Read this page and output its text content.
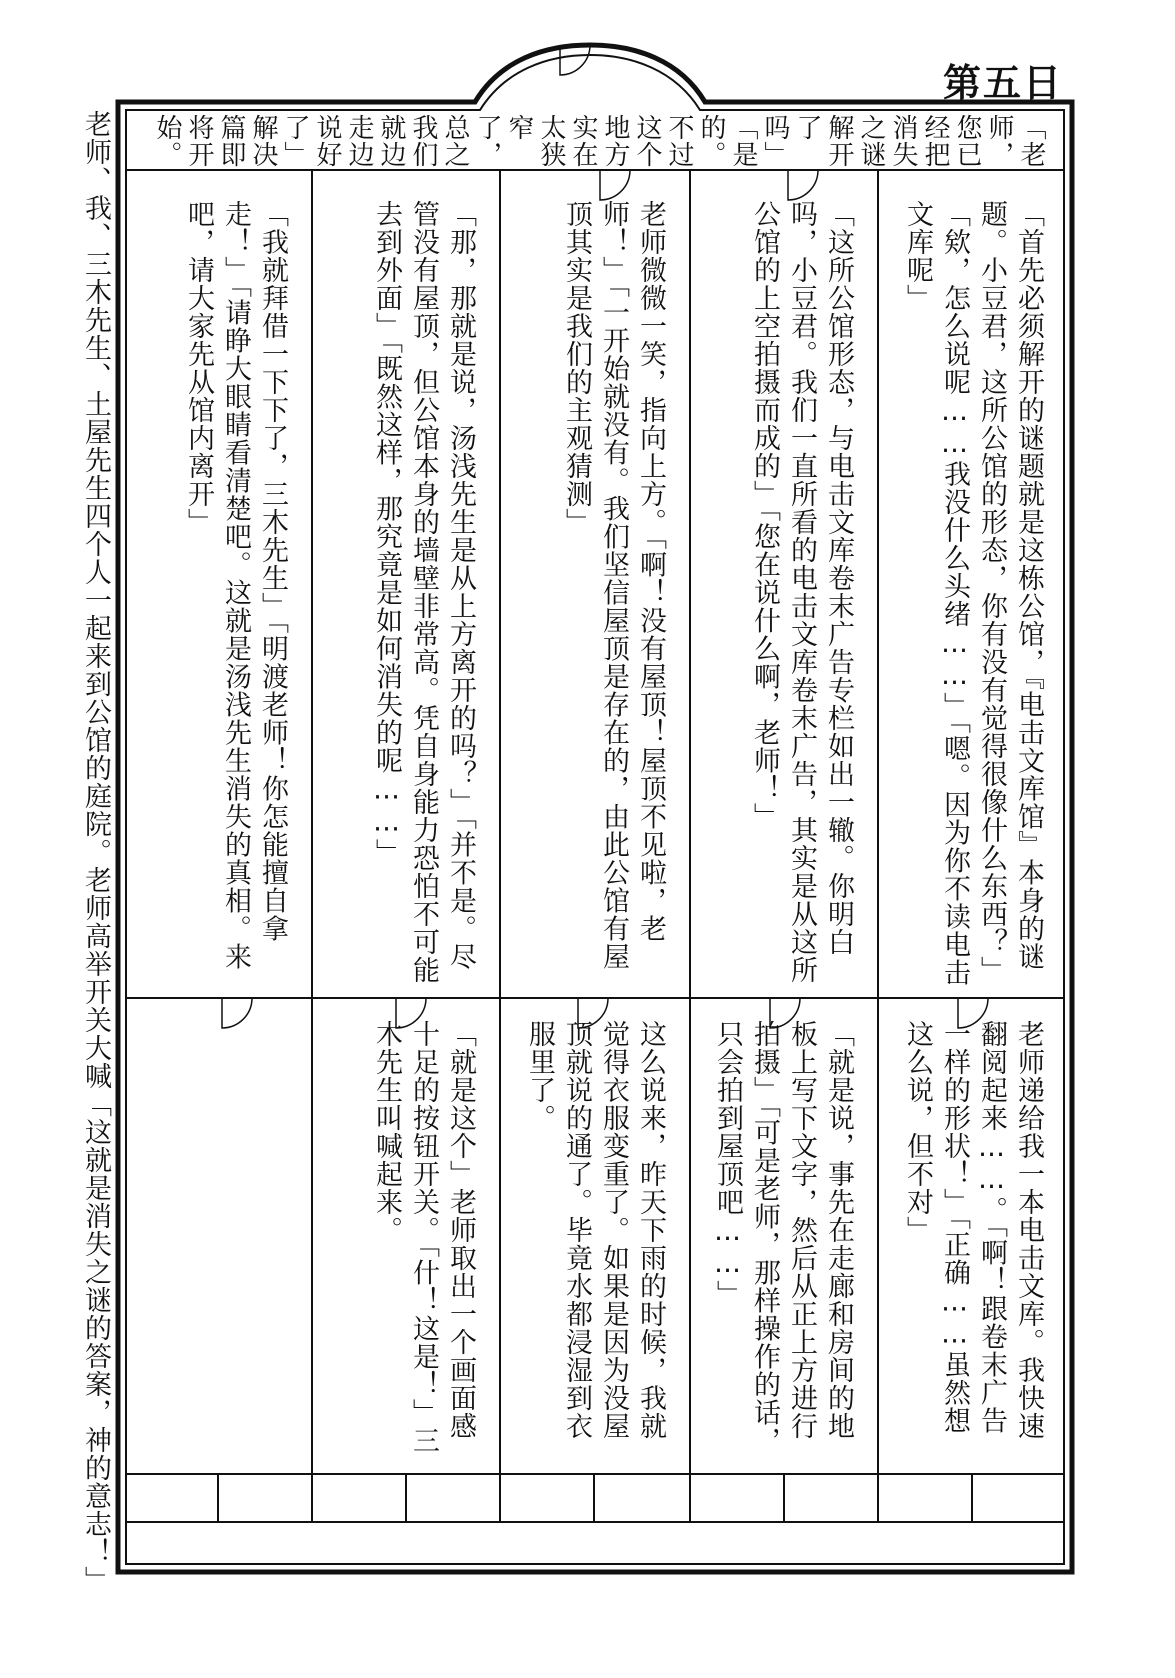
第五日
「老师，您已经把消失之谜解开了吗」「是的。不过这个地方实在太狭窄了，总之我们就边走边说好了」解决篇即将开始。
「首先必须解开的谜题就是这栋公馆，『电击文库馆』本身的谜题。小豆君，这所公馆的形态，你有没有觉得很像什么东西？」「欸，怎么说呢……我没什么头绪……」「嗯。因为你不读电击文库呢」
「这所公馆形态，与电击文库卷末广告专栏如出一辙。你明白吗，小豆君。我们一直所看的电击文库卷末广告，其实是从这所公馆的上空拍摄而成的」「您在说什么啊，老师！」
老师微微一笑，指向上方。「啊！没有屋顶！屋顶不见啦，老师！」「一开始就没有。我们坚信屋顶是存在的，由此公馆有屋顶其实是我们的主观猜测」
「那，那就是说，汤浅先生是从上方离开的吗？」「并不是。尽管没有屋顶，但公馆本身的墙壁非常高。凭自身能力恐怕不可能去到外面」「既然这样，那究竟是如何消失的呢……」
「我就拜借一下下了，三木先生」「明渡老师！你怎能擅自拿走！」「请睁大眼睛看清楚吧。这就是汤浅先生消失的真相。来吧，请大家先从馆内离开」
老师递给我一本电击文库。我快速翻阅起来……。「啊！跟卷末广告一样的形状！」「正确……虽然想这么说，但不对」
「就是说，事先在走廊和房间的地板上写下文字，然后从正上方进行拍摄」「可是老师，那样操作的话，只会拍到屋顶吧……」
这么说来，昨天下雨的时候，我就觉得衣服变重了。如果是因为没屋顶就说的通了。毕竟水都浸湿到衣服里了。
「就是这个」老师取出一个画面感十足的按钮开关。「什！这是！」三木先生叫喊起来。
老师、我、三木先生、土屋先生四个人一起来到公馆的庭院。老师高举开关大喊「这就是消失之谜的答案，神的意志！」
